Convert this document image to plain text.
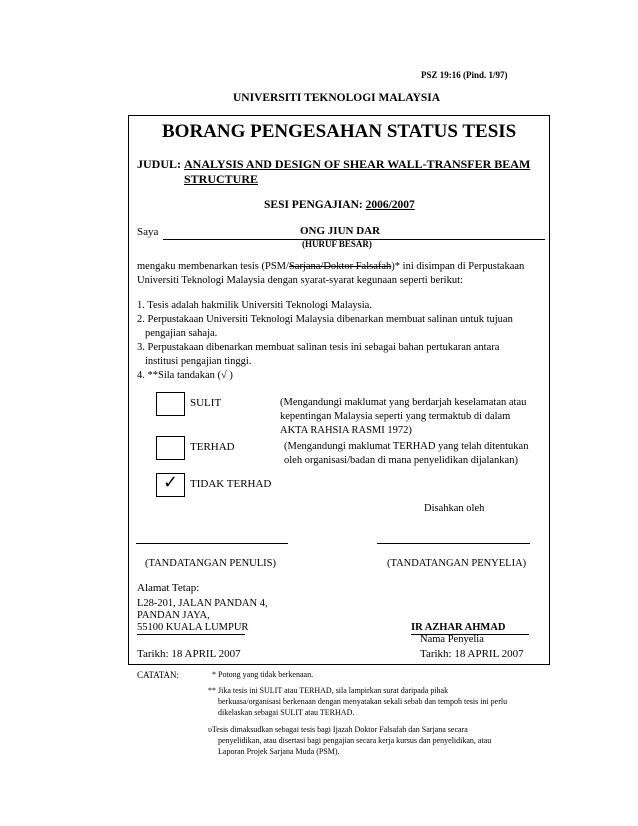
PSZ 19:16 (Pind. 1/97)
UNIVERSITI TEKNOLOGI MALAYSIA
BORANG PENGESAHAN STATUS TESIS
JUDUL: ANALYSIS AND DESIGN OF SHEAR WALL-TRANSFER BEAM
STRUCTURE
SESI PENGAJIAN: 2006/2007
Saya	ONG JIUN DAR
(HURUF BESAR)
mengaku membenarkan tesis (PSM/Sarjana/Doktor Falsafah)* ini disimpan di Perpustakaan
Universiti Teknologi Malaysia dengan syarat-syarat kegunaan seperti berikut:
1. Tesis adalah hakmilik Universiti Teknologi Malaysia.
2. Perpustakaan Universiti Teknologi Malaysia dibenarkan membuat salinan untuk tujuan
pengajian sahaja.
3. Perpustakaan dibenarkan membuat salinan tesis ini sebagai bahan pertukaran antara
institusi pengajian tinggi.
4. **Sila tandakan (√ )
SULIT	(Mengandungi maklumat yang berdarjah keselamatan atau
kepentingan Malaysia seperti yang termaktub di dalam
AKTA RAHSIA RASMI 1972)
TERHAD	(Mengandungi maklumat TERHAD yang telah ditentukan
oleh organisasi/badan di mana penyelidikan dijalankan)
✓ TIDAK TERHAD
Disahkan oleh
(TANDATANGAN PENULIS)	(TANDATANGAN PENYELIA)
Alamat Tetap:
L28-201, JALAN PANDAN 4,
PANDAN JAYA,
55100 KUALA LUMPUR	IR AZHAR AHMAD
Nama Penyelia
Tarikh: 18 APRIL 2007	Tarikh: 18 APRIL 2007
CATATAN:	* Potong yang tidak berkenaan.
** Jika tesis ini SULIT atau TERHAD, sila lampirkan surat daripada pihak
berkuasa/organisasi berkenaan dengan menyatakan sekali sebab dan tempoh tesis ini perlu
dikelaskan sebagai SULIT atau TERHAD.
υTesis dimaksudkan sebagai tesis bagi Ijazah Doktor Falsafah dan Sarjana secara
penyelidikan, atau disertasi bagi pengajian secara kerja kursus dan penyelidikan, atau
Laporan Projek Sarjana Muda (PSM).
